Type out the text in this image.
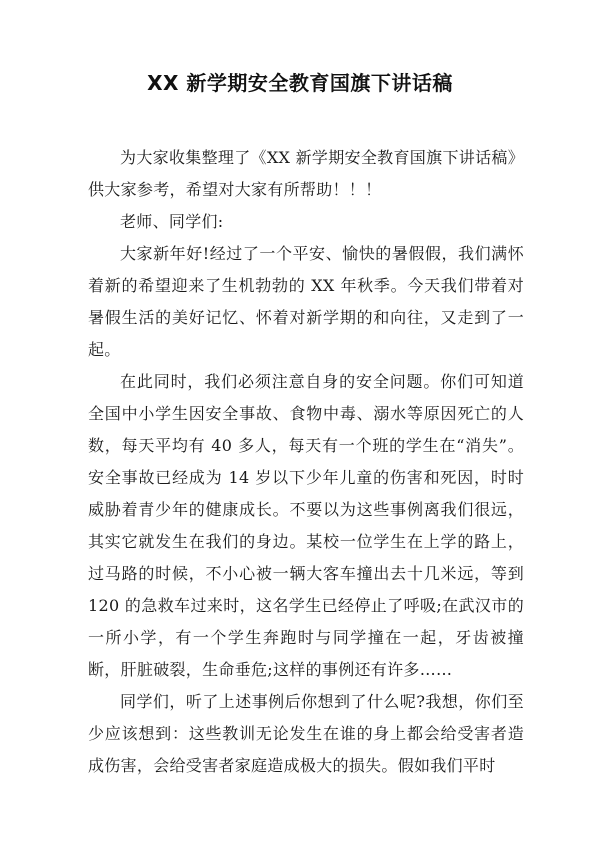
XX 新学期安全教育国旗下讲话稿

为大家收集整理了《XX 新学期安全教育国旗下讲话稿》供大家参考，希望对大家有所帮助！！！

老师、同学们:

大家新年好!经过了一个平安、愉快的暑假假，我们满怀着新的希望迎来了生机勃勃的 XX 年秋季。今天我们带着对暑假生活的美好记忆、怀着对新学期的和向往，又走到了一起。

在此同时，我们必须注意自身的安全问题。你们可知道全国中小学生因安全事故、食物中毒、溺水等原因死亡的人数，每天平均有 40 多人，每天有一个班的学生在“消失”。安全事故已经成为 14 岁以下少年儿童的伤害和死因，时时威胁着青少年的健康成长。不要以为这些事例离我们很远，其实它就发生在我们的身边。某校一位学生在上学的路上，过马路的时候，不小心被一辆大客车撞出去十几米远，等到 120 的急救车过来时，这名学生已经停止了呼吸;在武汉市的一所小学，有一个学生奔跑时与同学撞在一起，牙齿被撞断，肝脏破裂，生命垂危;这样的事例还有许多……

同学们，听了上述事例后你想到了什么呢?我想，你们至少应该想到：这些教训无论发生在谁的身上都会给受害者造成伤害，会给受害者家庭造成极大的损失。假如我们平时
